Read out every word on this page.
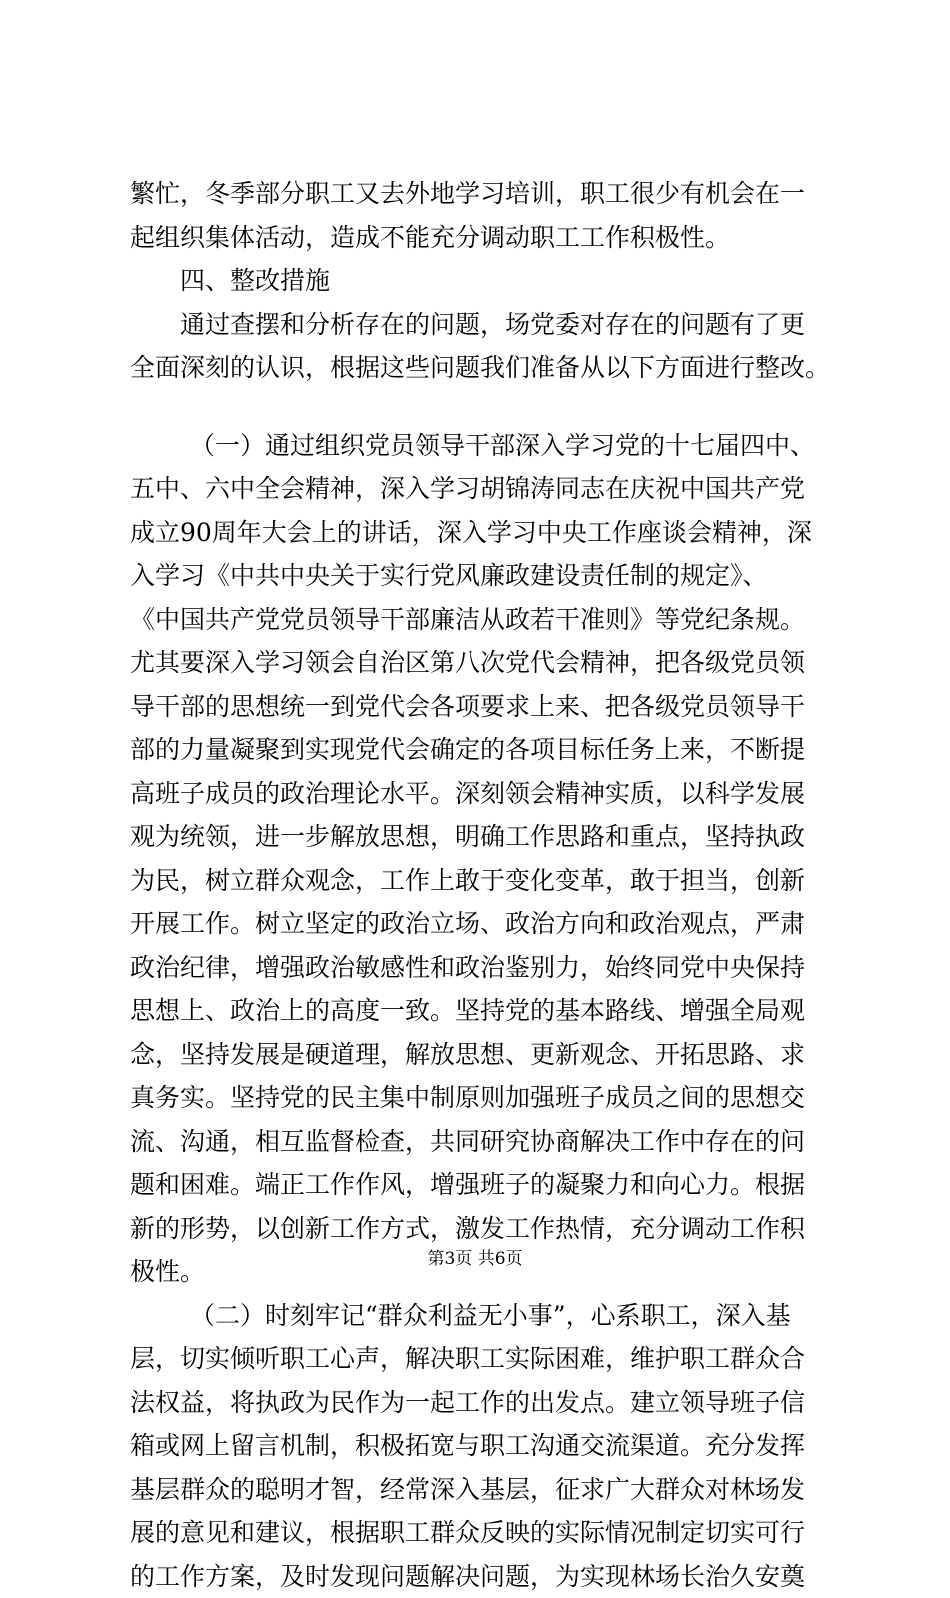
繁忙，冬季部分职工又去外地学习培训，职工很少有机会在一
起组织集体活动，造成不能充分调动职工工作积极性。
四、整改措施
通过查摆和分析存在的问题，场党委对存在的问题有了更
全面深刻的认识，根据这些问题我们准备从以下方面进行整改。
（一）通过组织党员领导干部深入学习党的十七届四中、
五中、六中全会精神，深入学习胡锦涛同志在庆祝中国共产党
成立90周年大会上的讲话，深入学习中央工作座谈会精神，深
入学习《中共中央关于实行党风廉政建设责任制的规定》、
《中国共产党党员领导干部廉洁从政若干准则》等党纪条规。
尤其要深入学习领会自治区第八次党代会精神，把各级党员领
导干部的思想统一到党代会各项要求上来、把各级党员领导干
部的力量凝聚到实现党代会确定的各项目标任务上来，不断提
高班子成员的政治理论水平。深刻领会精神实质，以科学发展
观为统领，进一步解放思想，明确工作思路和重点，坚持执政
为民，树立群众观念，工作上敢于变化变革，敢于担当，创新
开展工作。树立坚定的政治立场、政治方向和政治观点，严肃
政治纪律，增强政治敏感性和政治鉴别力，始终同党中央保持
思想上、政治上的高度一致。坚持党的基本路线、增强全局观
念，坚持发展是硬道理，解放思想、更新观念、开拓思路、求
真务实。坚持党的民主集中制原则加强班子成员之间的思想交
流、沟通，相互监督检查，共同研究协商解决工作中存在的问
题和困难。端正工作作风，增强班子的凝聚力和向心力。根据
新的形势，以创新工作方式，激发工作热情，充分调动工作积
极性。
（二）时刻牢记“群众利益无小事”，心系职工，深入基
层，切实倾听职工心声，解决职工实际困难，维护职工群众合
法权益，将执政为民作为一起工作的出发点。建立领导班子信
箱或网上留言机制，积极拓宽与职工沟通交流渠道。充分发挥
基层群众的聪明才智，经常深入基层，征求广大群众对林场发
展的意见和建议，根据职工群众反映的实际情况制定切实可行
的工作方案，及时发现问题解决问题，为实现林场长治久安奠
第3页 共6页
